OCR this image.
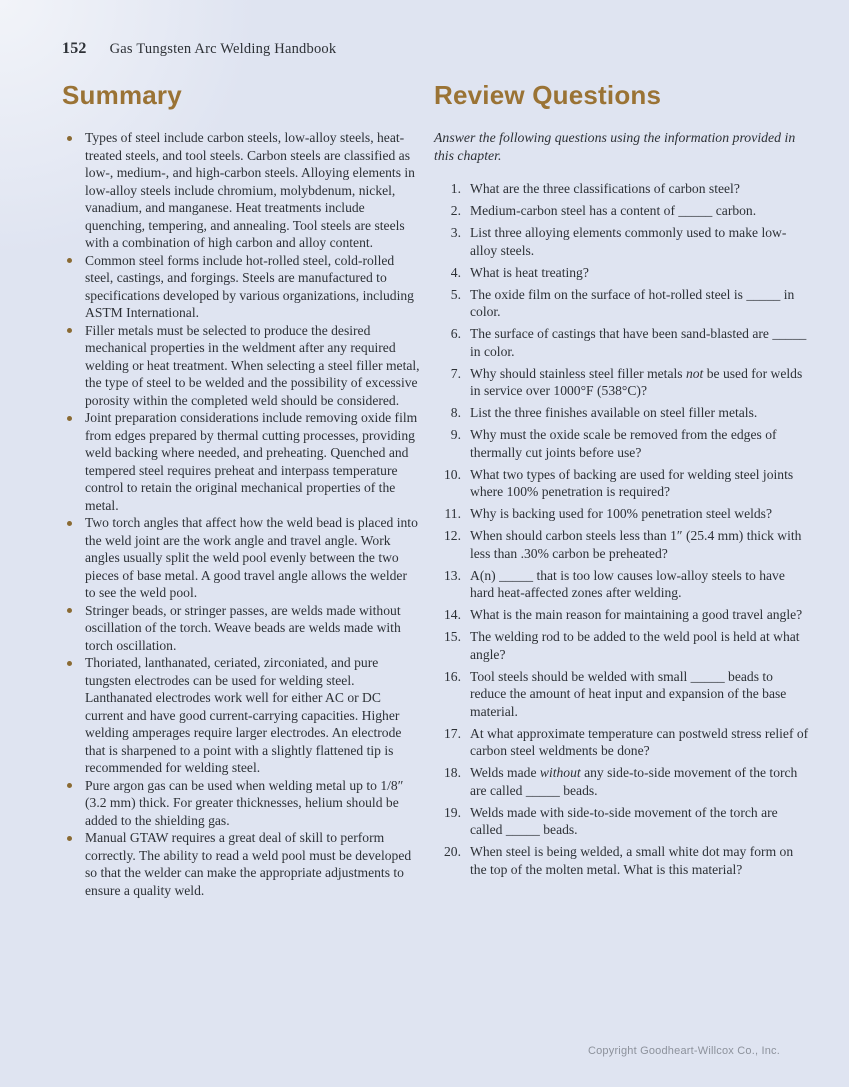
152 Gas Tungsten Arc Welding Handbook
Summary
Types of steel include carbon steels, low-alloy steels, heat-treated steels, and tool steels. Carbon steels are classified as low-, medium-, and high-carbon steels. Alloying elements in low-alloy steels include chromium, molybdenum, nickel, vanadium, and manganese. Heat treatments include quenching, tempering, and annealing. Tool steels are steels with a combination of high carbon and alloy content.
Common steel forms include hot-rolled steel, cold-rolled steel, castings, and forgings. Steels are manufactured to specifications developed by various organizations, including ASTM International.
Filler metals must be selected to produce the desired mechanical properties in the weldment after any required welding or heat treatment. When selecting a steel filler metal, the type of steel to be welded and the possibility of excessive porosity within the completed weld should be considered.
Joint preparation considerations include removing oxide film from edges prepared by thermal cutting processes, providing weld backing where needed, and preheating. Quenched and tempered steel requires preheat and interpass temperature control to retain the original mechanical properties of the metal.
Two torch angles that affect how the weld bead is placed into the weld joint are the work angle and travel angle. Work angles usually split the weld pool evenly between the two pieces of base metal. A good travel angle allows the welder to see the weld pool.
Stringer beads, or stringer passes, are welds made without oscillation of the torch. Weave beads are welds made with torch oscillation.
Thoriated, lanthanated, ceriated, zirconiated, and pure tungsten electrodes can be used for welding steel. Lanthanated electrodes work well for either AC or DC current and have good current-carrying capacities. Higher welding amperages require larger electrodes. An electrode that is sharpened to a point with a slightly flattened tip is recommended for welding steel.
Pure argon gas can be used when welding metal up to 1/8″ (3.2 mm) thick. For greater thicknesses, helium should be added to the shielding gas.
Manual GTAW requires a great deal of skill to perform correctly. The ability to read a weld pool must be developed so that the welder can make the appropriate adjustments to ensure a quality weld.
Review Questions

Answer the following questions using the information provided in this chapter.

1. What are the three classifications of carbon steel?
2. Medium-carbon steel has a content of _____ carbon.
3. List three alloying elements commonly used to make low-alloy steels.
4. What is heat treating?
5. The oxide film on the surface of hot-rolled steel is _____ in color.
6. The surface of castings that have been sand-blasted are _____ in color.
7. Why should stainless steel filler metals not be used for welds in service over 1000°F (538°C)?
8. List the three finishes available on steel filler metals.
9. Why must the oxide scale be removed from the edges of thermally cut joints before use?
10. What two types of backing are used for welding steel joints where 100% penetration is required?
11. Why is backing used for 100% penetration steel welds?
12. When should carbon steels less than 1″ (25.4 mm) thick with less than .30% carbon be preheated?
13. A(n) _____ that is too low causes low-alloy steels to have hard heat-affected zones after welding.
14. What is the main reason for maintaining a good travel angle?
15. The welding rod to be added to the weld pool is held at what angle?
16. Tool steels should be welded with small _____ beads to reduce the amount of heat input and expansion of the base material.
17. At what approximate temperature can postweld stress relief of carbon steel weldments be done?
18. Welds made without any side-to-side movement of the torch are called _____ beads.
19. Welds made with side-to-side movement of the torch are called _____ beads.
20. When steel is being welded, a small white dot may form on the top of the molten metal. What is this material?
Copyright Goodheart-Willcox Co., Inc.
